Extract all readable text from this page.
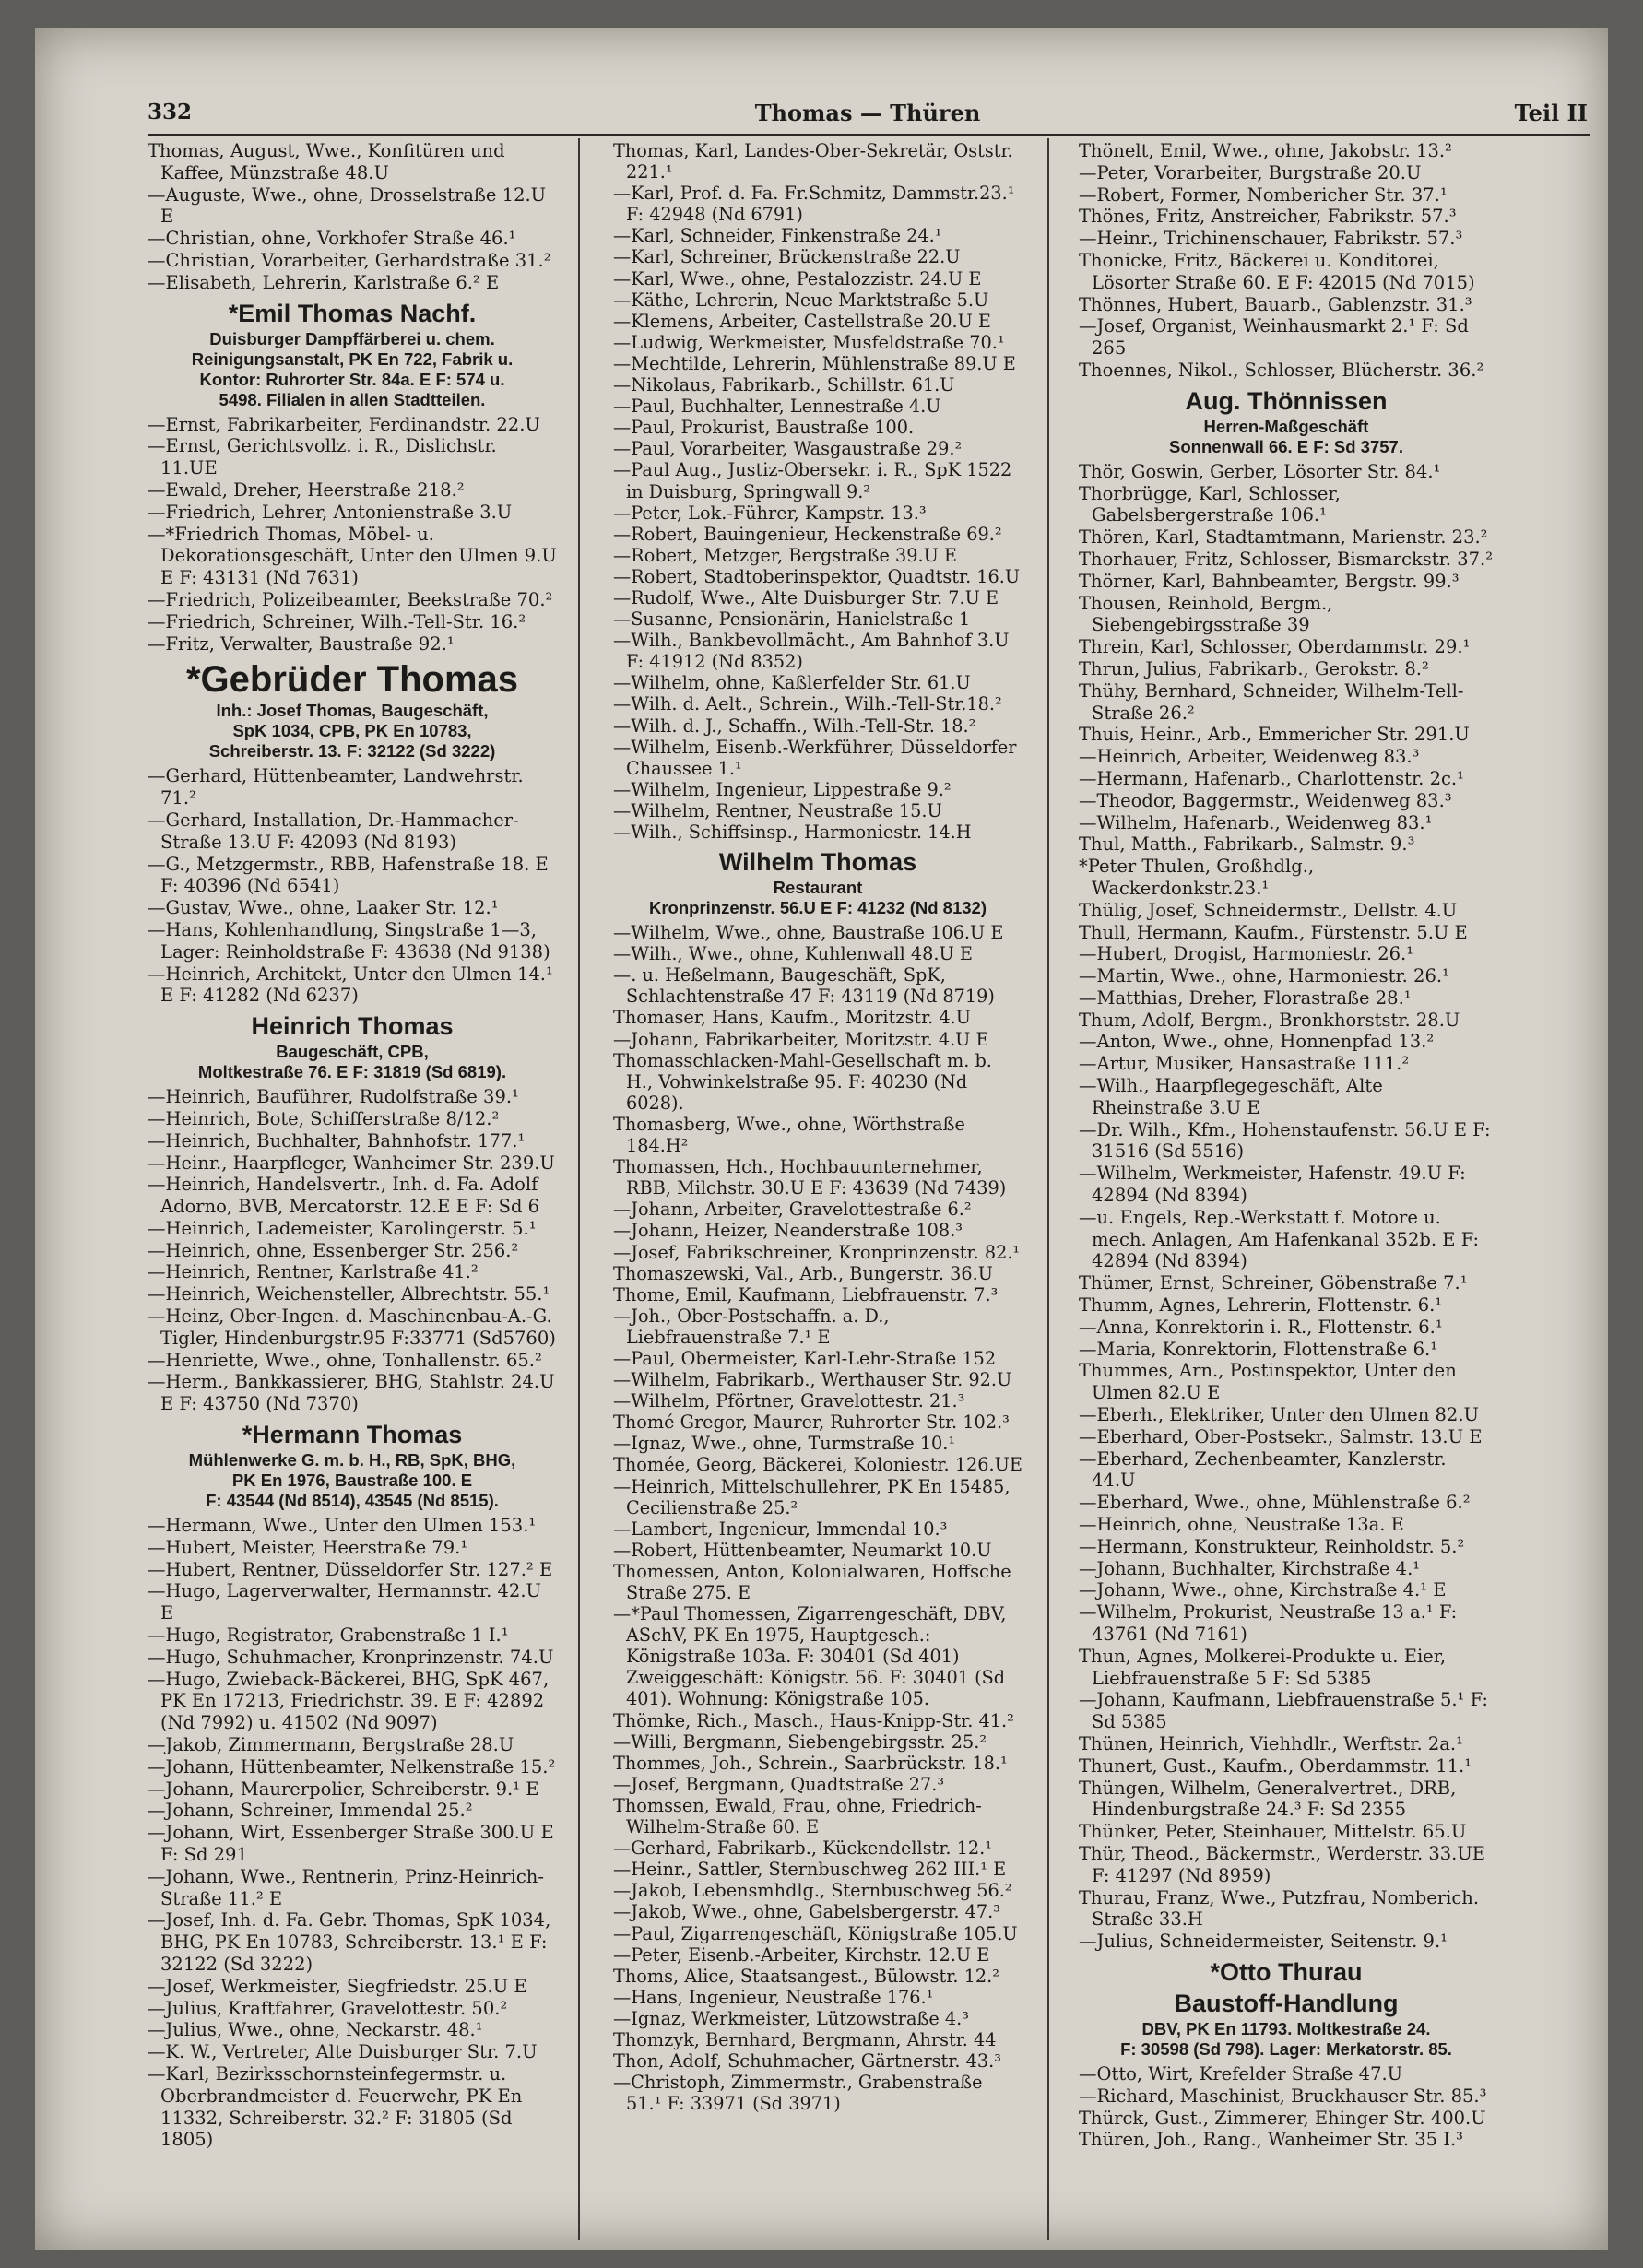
332	Thomas — Thüren	Teil II
Thomas, August, Wwe., Konfitüren und Kaffee, Münzstraße 48.U
—Auguste, Wwe., ohne, Drosselstraße 12.U E
—Christian, ohne, Vorkhofer Straße 46.¹
—Christian, Vorarbeiter, Gerhardstraße 31.²
—Elisabeth, Lehrerin, Karlstraße 6.² E
*Emil Thomas Nachf.
Duisburger Dampffärberei u. chem.
Reinigungsanstalt, PK En 722, Fabrik u.
Kontor: Ruhrorter Str. 84a. E F: 574 u.
5498. Filialen in allen Stadtteilen.
—Ernst, Fabrikarbeiter, Ferdinandstr. 22.U
—Ernst, Gerichtsvollz. i. R., Dislichstr. 11.UE
—Ewald, Dreher, Heerstraße 218.²
—Friedrich, Lehrer, Antonienstraße 3.U
—*Friedrich Thomas, Möbel- u. Dekorationsgeschäft, Unter den Ulmen 9.U E F: 43131 (Nd 7631)
—Friedrich, Polizeibeamter, Beekstraße 70.²
—Friedrich, Schreiner, Wilh.-Tell-Str. 16.²
—Fritz, Verwalter, Baustraße 92.¹
*Gebrüder Thomas
Inh.: Josef Thomas, Baugeschäft,
SpK 1034, CPB, PK En 10783,
Schreiberstr. 13. F: 32122 (Sd 3222)
—Gerhard, Hüttenbeamter, Landwehrstr. 71.²
—Gerhard, Installation, Dr.-Hammacher-Straße 13.U F: 42093 (Nd 8193)
—G., Metzgermstr., RBB, Hafenstraße 18. E F: 40396 (Nd 6541)
—Gustav, Wwe., ohne, Laaker Str. 12.¹
—Hans, Kohlenhandlung, Singstraße 1—3, Lager: Reinholdstraße F: 43638 (Nd 9138)
—Heinrich, Architekt, Unter den Ulmen 14.¹ E F: 41282 (Nd 6237)
Heinrich Thomas
Baugeschäft, CPB,
Moltkestraße 76. E F: 31819 (Sd 6819).
—Heinrich, Bauführer, Rudolfstraße 39.¹
—Heinrich, Bote, Schifferstraße 8/12.²
—Heinrich, Buchhalter, Bahnhofstr. 177.¹
—Heinr., Haarpfleger, Wanheimer Str. 239.U
—Heinrich, Handelsvertr., Inh. d. Fa. Adolf Adorno, BVB, Mercatorstr. 12.E E F: Sd 6
—Heinrich, Lademeister, Karolingerstr. 5.¹
—Heinrich, ohne, Essenberger Str. 256.²
—Heinrich, Rentner, Karlstraße 41.²
—Heinrich, Weichensteller, Albrechtstr. 55.¹
—Heinz, Ober-Ingen. d. Maschinenbau-A.-G. Tigler, Hindenburgstr.95 F:33771 (Sd5760)
—Henriette, Wwe., ohne, Tonhallenstr. 65.²
—Herm., Bankkassierer, BHG, Stahlstr. 24.U E F: 43750 (Nd 7370)
*Hermann Thomas
Mühlenwerke G. m. b. H., RB, SpK, BHG,
PK En 1976, Baustraße 100. E
F: 43544 (Nd 8514), 43545 (Nd 8515).
—Hermann, Wwe., Unter den Ulmen 153.¹
—Hubert, Meister, Heerstraße 79.¹
—Hubert, Rentner, Düsseldorfer Str. 127.² E
—Hugo, Lagerverwalter, Hermannstr. 42.U E
—Hugo, Registrator, Grabenstraße 1 I.¹
—Hugo, Schuhmacher, Kronprinzenstr. 74.U
—Hugo, Zwieback-Bäckerei, BHG, SpK 467, PK En 17213, Friedrichstr. 39. E F: 42892 (Nd 7992) u. 41502 (Nd 9097)
—Jakob, Zimmermann, Bergstraße 28.U
—Johann, Hüttenbeamter, Nelkenstraße 15.²
—Johann, Maurerpolier, Schreiberstr. 9.¹ E
—Johann, Schreiner, Immendal 25.²
—Johann, Wirt, Essenberger Straße 300.U E F: Sd 291
—Johann, Wwe., Rentnerin, Prinz-Heinrich-Straße 11.² E
—Josef, Inh. d. Fa. Gebr. Thomas, SpK 1034, BHG, PK En 10783, Schreiberstr. 13.¹ E F: 32122 (Sd 3222)
—Josef, Werkmeister, Siegfriedstr. 25.U E
—Julius, Kraftfahrer, Gravelottestr. 50.²
—Julius, Wwe., ohne, Neckarstr. 48.¹
—K. W., Vertreter, Alte Duisburger Str. 7.U
—Karl, Bezirksschornsteinfegermstr. u. Oberbrandmeister d. Feuerwehr, PK En 11332, Schreiberstr. 32.² F: 31805 (Sd 1805)
Thomas, Karl, Landes-Ober-Sekretär, Oststr. 221.¹
—Karl, Prof. d. Fa. Fr.Schmitz, Dammstr.23.¹ F: 42948 (Nd 6791)
—Karl, Schneider, Finkenstraße 24.¹
—Karl, Schreiner, Brückenstraße 22.U
—Karl, Wwe., ohne, Pestalozzistr. 24.U E
—Käthe, Lehrerin, Neue Marktstraße 5.U
—Klemens, Arbeiter, Castellstraße 20.U E
—Ludwig, Werkmeister, Musfeldstraße 70.¹
—Mechtilde, Lehrerin, Mühlenstraße 89.U E
—Nikolaus, Fabrikarb., Schillstr. 61.U
—Paul, Buchhalter, Lennestraße 4.U
—Paul, Prokurist, Baustraße 100.
—Paul, Vorarbeiter, Wasgaustraße 29.²
—Paul Aug., Justiz-Obersekr. i. R., SpK 1522 in Duisburg, Springwall 9.²
—Peter, Lok.-Führer, Kampstr. 13.³
—Robert, Bauingenieur, Heckenstraße 69.²
—Robert, Metzger, Bergstraße 39.U E
—Robert, Stadtoberinspektor, Quadtstr. 16.U
—Rudolf, Wwe., Alte Duisburger Str. 7.U E
—Susanne, Pensionärin, Hanielstraße 1
—Wilh., Bankbevollmächt., Am Bahnhof 3.U F: 41912 (Nd 8352)
—Wilhelm, ohne, Kaßlerfelder Str. 61.U
—Wilh. d. Aelt., Schrein., Wilh.-Tell-Str.18.²
—Wilh. d. J., Schaffn., Wilh.-Tell-Str. 18.²
—Wilhelm, Eisenb.-Werkführer, Düsseldorfer Chaussee 1.¹
—Wilhelm, Ingenieur, Lippestraße 9.²
—Wilhelm, Rentner, Neustraße 15.U
—Wilh., Schiffsinsp., Harmoniestr. 14.H
Wilhelm Thomas
Restaurant
Kronprinzenstr. 56.U E F: 41232 (Nd 8132)
—Wilhelm, Wwe., ohne, Baustraße 106.U E
—Wilh., Wwe., ohne, Kuhlenwall 48.U E
—. u. Heßelmann, Baugeschäft, SpK, Schlachtenstraße 47 F: 43119 (Nd 8719)
Thomaser, Hans, Kaufm., Moritzstr. 4.U
—Johann, Fabrikarbeiter, Moritzstr. 4.U E
Thomasschlacken-Mahl-Gesellschaft m. b. H., Vohwinkelstraße 95. F: 40230 (Nd 6028).
Thomasberg, Wwe., ohne, Wörthstraße 184.H²
Thomassen, Hch., Hochbauunternehmer, RBB, Milchstr. 30.U E F: 43639 (Nd 7439)
—Johann, Arbeiter, Gravelottestraße 6.²
—Johann, Heizer, Neanderstraße 108.³
—Josef, Fabrikschreiner, Kronprinzenstr. 82.¹
Thomaszewski, Val., Arb., Bungerstr. 36.U
Thome, Emil, Kaufmann, Liebfrauenstr. 7.³
—Joh., Ober-Postschaffn. a. D., Liebfrauenstraße 7.¹ E
—Paul, Obermeister, Karl-Lehr-Straße 152
—Wilhelm, Fabrikarb., Werthauser Str. 92.U
—Wilhelm, Pförtner, Gravelottestr. 21.³
Thomé Gregor, Maurer, Ruhrorter Str. 102.³
—Ignaz, Wwe., ohne, Turmstraße 10.¹
Thomée, Georg, Bäckerei, Koloniestr. 126.UE
—Heinrich, Mittelschullehrer, PK En 15485, Cecilienstraße 25.²
—Lambert, Ingenieur, Immendal 10.³
—Robert, Hüttenbeamter, Neumarkt 10.U
Thomessen, Anton, Kolonialwaren, Hoffsche Straße 275. E
—*Paul Thomessen, Zigarrengeschäft, DBV, ASchV, PK En 1975, Hauptgesch.: Königstraße 103a. F: 30401 (Sd 401) Zweiggeschäft: Königstr. 56. F: 30401 (Sd 401). Wohnung: Königstraße 105.
Thömke, Rich., Masch., Haus-Knipp-Str. 41.²
—Willi, Bergmann, Siebengebirgsstr. 25.²
Thommes, Joh., Schrein., Saarbrückstr. 18.¹
—Josef, Bergmann, Quadtstraße 27.³
Thomssen, Ewald, Frau, ohne, Friedrich-Wilhelm-Straße 60. E
—Gerhard, Fabrikarb., Kückendellstr. 12.¹
—Heinr., Sattler, Sternbuschweg 262 III.¹ E
—Jakob, Lebensmhdlg., Sternbuschweg 56.²
—Jakob, Wwe., ohne, Gabelsbergerstr. 47.³
—Paul, Zigarrengeschäft, Königstraße 105.U
—Peter, Eisenb.-Arbeiter, Kirchstr. 12.U E
Thoms, Alice, Staatsangest., Bülowstr. 12.²
—Hans, Ingenieur, Neustraße 176.¹
—Ignaz, Werkmeister, Lützowstraße 4.³
Thomzyk, Bernhard, Bergmann, Ahrstr. 44
Thon, Adolf, Schuhmacher, Gärtnerstr. 43.³
—Christoph, Zimmermstr., Grabenstraße 51.¹ F: 33971 (Sd 3971)
Thönelt, Emil, Wwe., ohne, Jakobstr. 13.²
—Peter, Vorarbeiter, Burgstraße 20.U
—Robert, Former, Nombericher Str. 37.¹
Thönes, Fritz, Anstreicher, Fabrikstr. 57.³
—Heinr., Trichinenschauer, Fabrikstr. 57.³
Thonicke, Fritz, Bäckerei u. Konditorei, Lösorter Straße 60. E F: 42015 (Nd 7015)
Thönnes, Hubert, Bauarb., Gablenzstr. 31.³
—Josef, Organist, Weinhausmarkt 2.¹ F: Sd 265
Thoennes, Nikol., Schlosser, Blücherstr. 36.²
Aug. Thönnissen
Herren-Maßgeschäft
Sonnenwall 66. E F: Sd 3757.
Thör, Goswin, Gerber, Lösorter Str. 84.¹
Thorbrügge, Karl, Schlosser, Gabelsbergerstraße 106.¹
Thören, Karl, Stadtamtmann, Marienstr. 23.²
Thorhauer, Fritz, Schlosser, Bismarckstr. 37.²
Thörner, Karl, Bahnbeamter, Bergstr. 99.³
Thousen, Reinhold, Bergm., Siebengebirgsstraße 39
Threin, Karl, Schlosser, Oberdammstr. 29.¹
Thrun, Julius, Fabrikarb., Gerokstr. 8.²
Thühy, Bernhard, Schneider, Wilhelm-Tell-Straße 26.²
Thuis, Heinr., Arb., Emmericher Str. 291.U
—Heinrich, Arbeiter, Weidenweg 83.³
—Hermann, Hafenarb., Charlottenstr. 2c.¹
—Theodor, Baggermstr., Weidenweg 83.³
—Wilhelm, Hafenarb., Weidenweg 83.¹
Thul, Matth., Fabrikarb., Salmstr. 9.³
*Peter Thulen, Großhdlg., Wackerdonkstr.23.¹
Thülig, Josef, Schneidermstr., Dellstr. 4.U
Thull, Hermann, Kaufm., Fürstenstr. 5.U E
—Hubert, Drogist, Harmoniestr. 26.¹
—Martin, Wwe., ohne, Harmoniestr. 26.¹
—Matthias, Dreher, Florastraße 28.¹
Thum, Adolf, Bergm., Bronkhorststr. 28.U
—Anton, Wwe., ohne, Honnenpfad 13.²
—Artur, Musiker, Hansastraße 111.²
—Wilh., Haarpflegegeschäft, Alte Rheinstraße 3.U E
—Dr. Wilh., Kfm., Hohenstaufenstr. 56.U E F: 31516 (Sd 5516)
—Wilhelm, Werkmeister, Hafenstr. 49.U F: 42894 (Nd 8394)
—u. Engels, Rep.-Werkstatt f. Motore u. mech. Anlagen, Am Hafenkanal 352b. E F: 42894 (Nd 8394)
Thümer, Ernst, Schreiner, Göbenstraße 7.¹
Thumm, Agnes, Lehrerin, Flottenstr. 6.¹
—Anna, Konrektorin i. R., Flottenstr. 6.¹
—Maria, Konrektorin, Flottenstraße 6.¹
Thummes, Arn., Postinspektor, Unter den Ulmen 82.U E
—Eberh., Elektriker, Unter den Ulmen 82.U
—Eberhard, Ober-Postsekr., Salmstr. 13.U E
—Eberhard, Zechenbeamter, Kanzlerstr. 44.U
—Eberhard, Wwe., ohne, Mühlenstraße 6.²
—Heinrich, ohne, Neustraße 13a. E
—Hermann, Konstrukteur, Reinholdstr. 5.²
—Johann, Buchhalter, Kirchstraße 4.¹
—Johann, Wwe., ohne, Kirchstraße 4.¹ E
—Wilhelm, Prokurist, Neustraße 13 a.¹ F: 43761 (Nd 7161)
Thun, Agnes, Molkerei-Produkte u. Eier, Liebfrauenstraße 5 F: Sd 5385
—Johann, Kaufmann, Liebfrauenstraße 5.¹ F: Sd 5385
Thünen, Heinrich, Viehhdlr., Werftstr. 2a.¹
Thunert, Gust., Kaufm., Oberdammstr. 11.¹
Thüngen, Wilhelm, Generalvertret., DRB, Hindenburgstraße 24.³ F: Sd 2355
Thünker, Peter, Steinhauer, Mittelstr. 65.U
Thür, Theod., Bäckermstr., Werderstr. 33.UE F: 41297 (Nd 8959)
Thurau, Franz, Wwe., Putzfrau, Nomberich. Straße 33.H
—Julius, Schneidermeister, Seitenstr. 9.¹
*Otto Thurau
Baustoff-Handlung
DBV, PK En 11793. Moltkestraße 24.
F: 30598 (Sd 798). Lager: Merkatorstr. 85.
—Otto, Wirt, Krefelder Straße 47.U
—Richard, Maschinist, Bruckhauser Str. 85.³
Thürck, Gust., Zimmerer, Ehinger Str. 400.U
Thüren, Joh., Rang., Wanheimer Str. 35 I.³
